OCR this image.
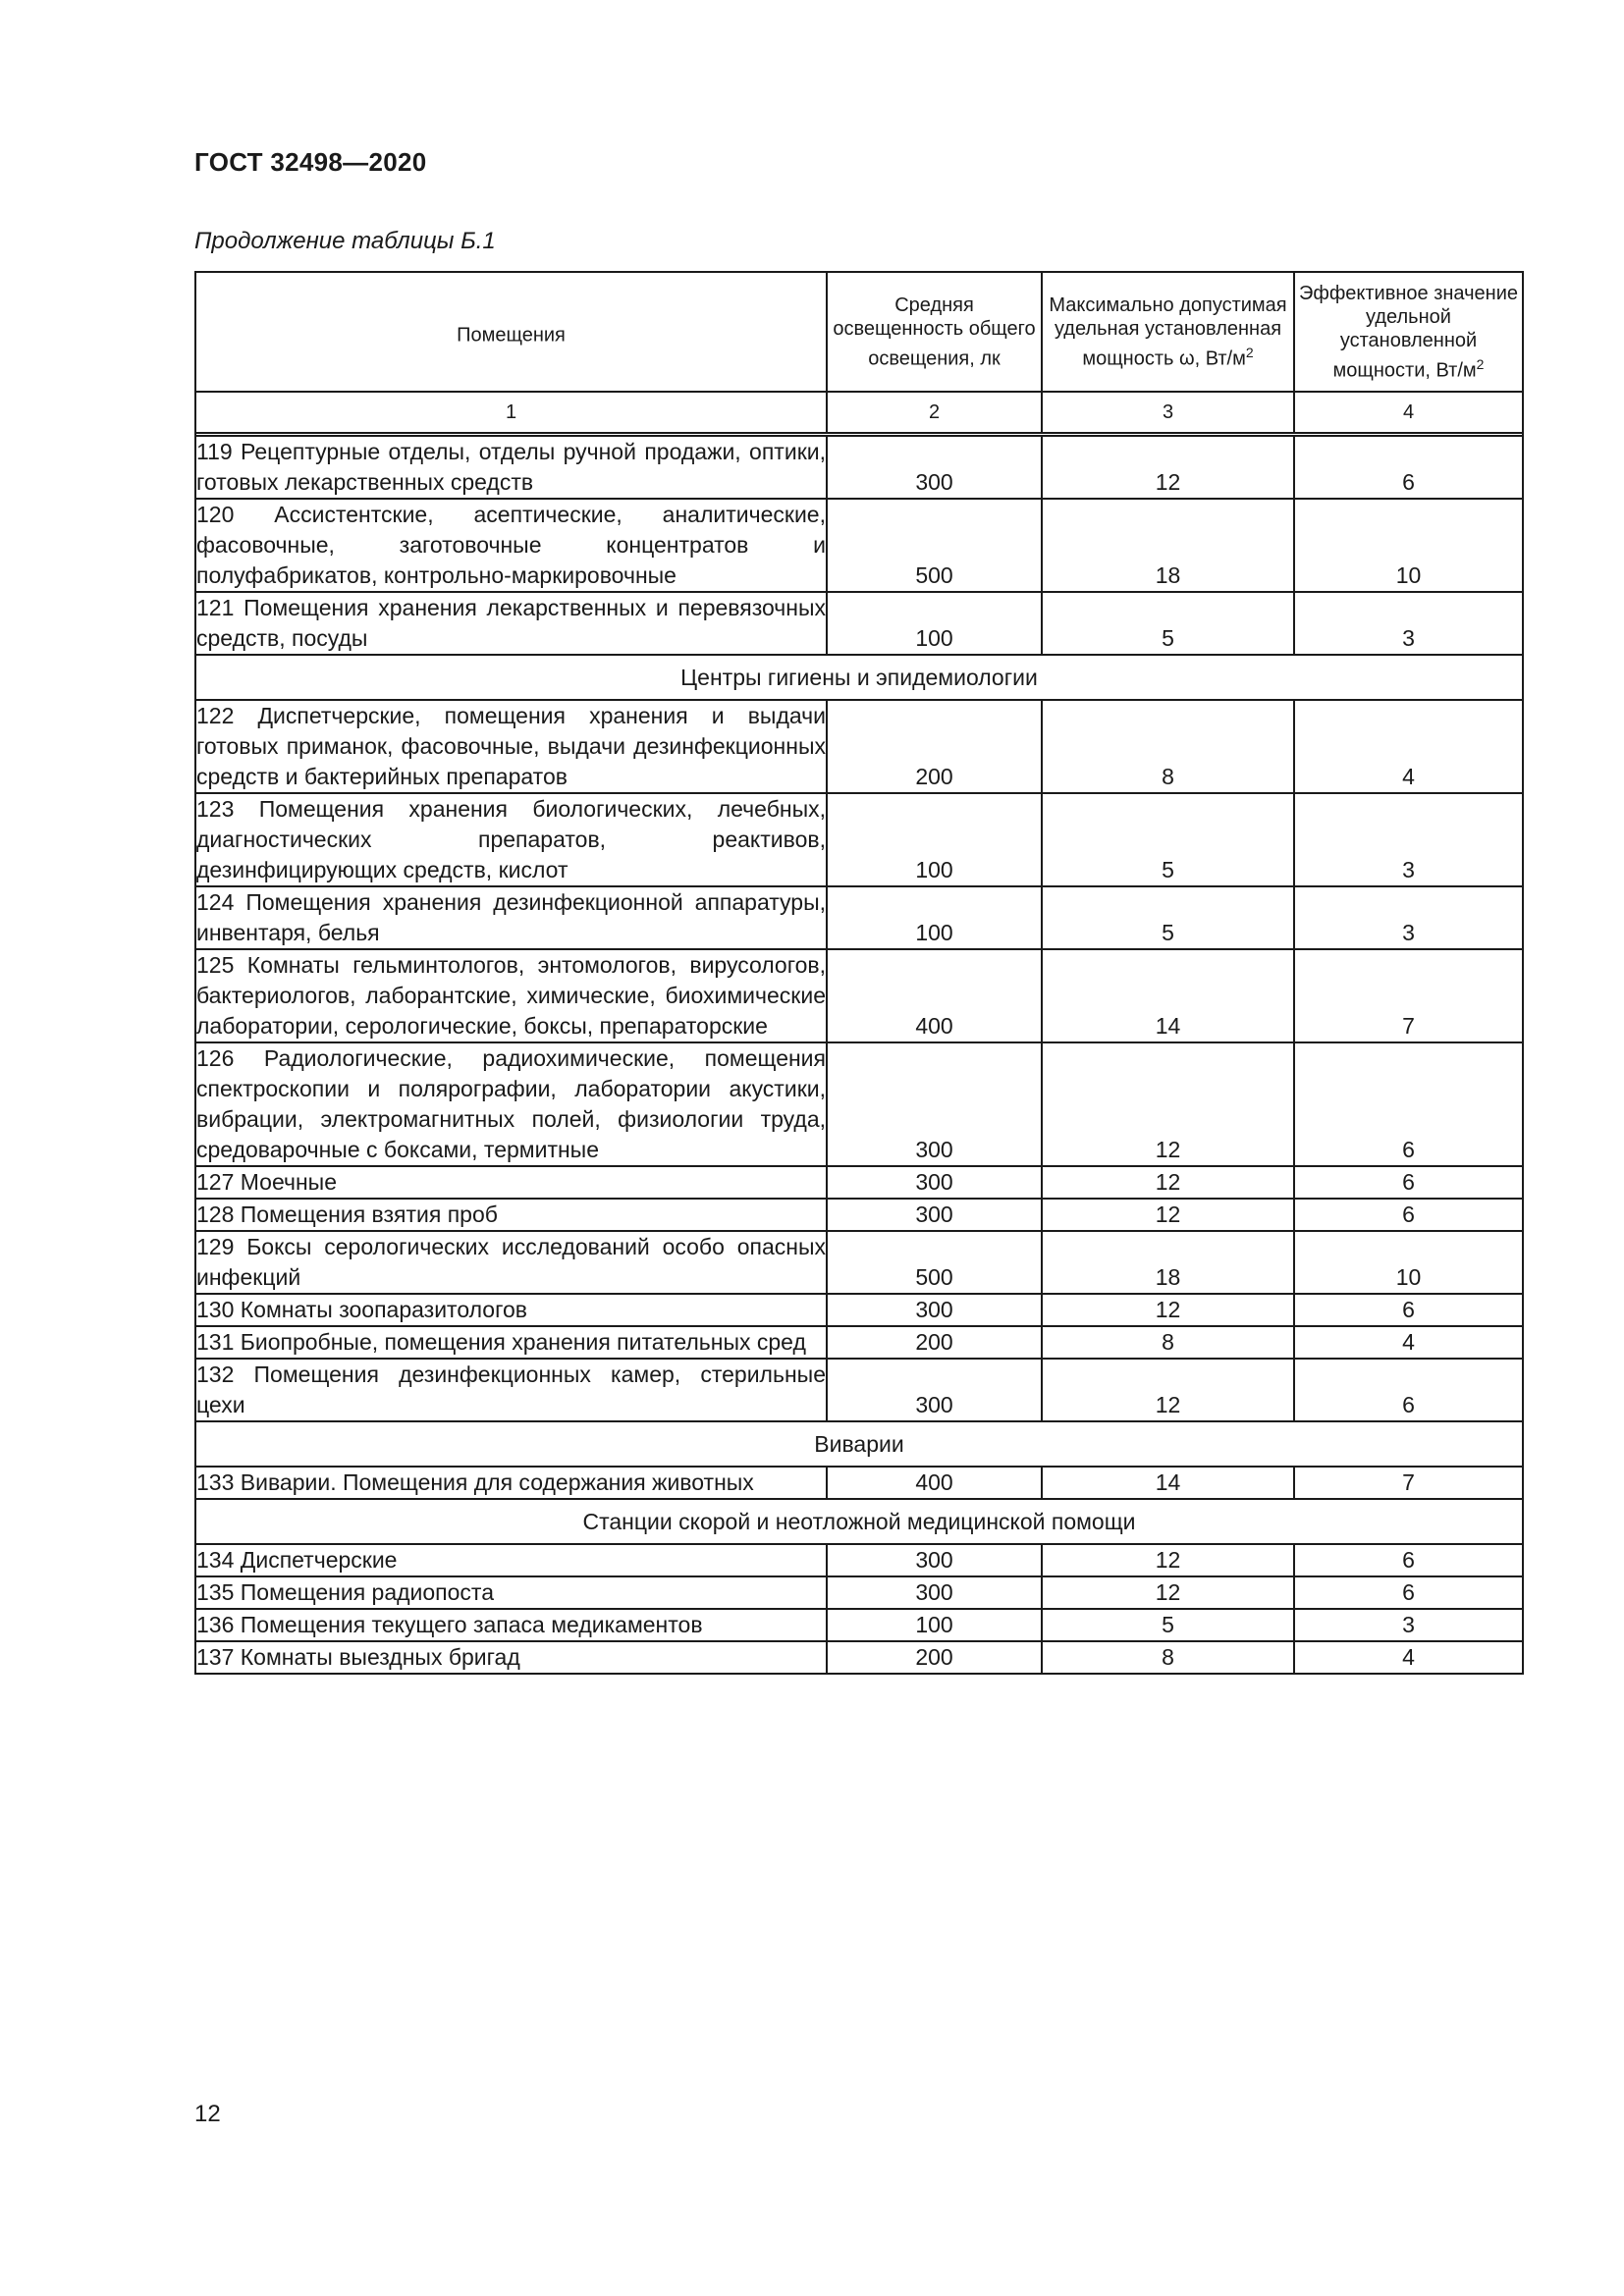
ГОСТ 32498—2020
Продолжение таблицы Б.1
Помещения	Средняя освещенность общего освещения, лк	Максимально допустимая удельная установленная мощность ω, $Вт/м^2$	Эффективное значение удельной установленной мощности, $Вт/м^2$
1	2	3	4

119 Рецептурные отделы, отделы ручной продажи, оптики, готовых лекарственных средств	300	12	6
120 Ассистентские, асептические, аналитические, фасовочные, заготовочные концентратов и полуфабрикатов, контрольно-маркировочные	500	18	10
121 Помещения хранения лекарственных и перевязочных средств, посуды	100	5	3
Центры гигиены и эпидемиологии			
122 Диспетчерские, помещения хранения и выдачи готовых приманок, фасовочные, выдачи дезинфекционных средств и бактерийных препаратов	200	8	4
123 Помещения хранения биологических, лечебных, диагностических препаратов, реактивов, дезинфицирующих средств, кислот	100	5	3
124 Помещения хранения дезинфекционной аппаратуры, инвентаря, белья	100	5	3
125 Комнаты гельминтологов, энтомологов, вирусологов, бактериологов, лаборантские, химические, биохимические лаборатории, серологические, боксы, препараторские	400	14	7
126 Радиологические, радиохимические, помещения спектроскопии и полярографии, лаборатории акустики, вибрации, электромагнитных полей, физиологии труда, средоварочные с боксами, термитные	300	12	6
127 Моечные	300	12	6
128 Помещения взятия проб	300	12	6
129 Боксы серологических исследований особо опасных инфекций	500	18	10
130 Комнаты зоопаразитологов	300	12	6
131 Биопробные, помещения хранения питательных сред	200	8	4
132 Помещения дезинфекционных камер, стерильные цехи	300	12	6
Виварии			
133 Виварии. Помещения для содержания животных	400	14	7
Станции скорой и неотложной медицинской помощи			
134 Диспетчерские	300	12	6
135 Помещения радиопоста	300	12	6
136 Помещения текущего запаса медикаментов	100	5	3
137 Комнаты выездных бригад	200	8	4
12
